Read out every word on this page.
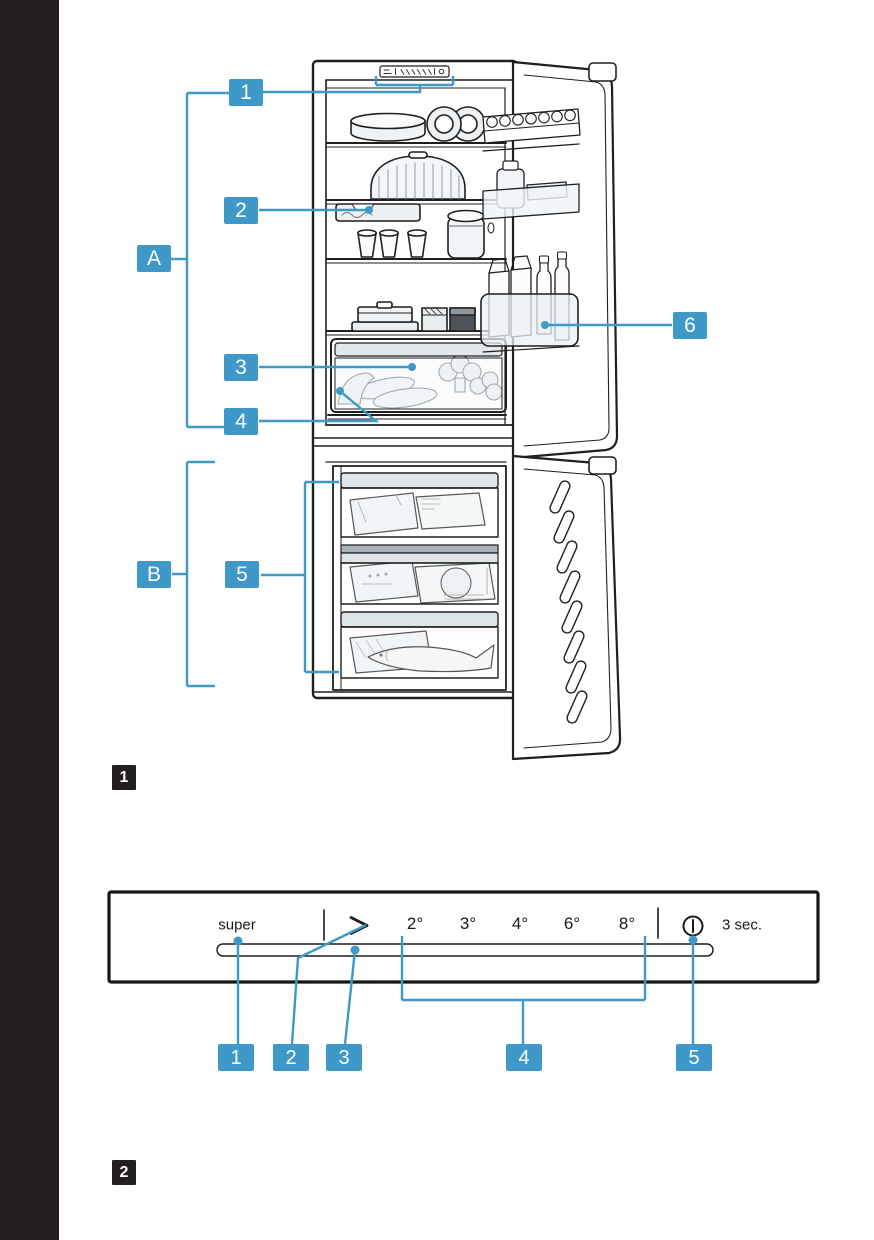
A
1
2
3
4
B	5
6
1
super	2° 3° 4° 6° 8°	3 sec.
1	2	3	4	5
2
